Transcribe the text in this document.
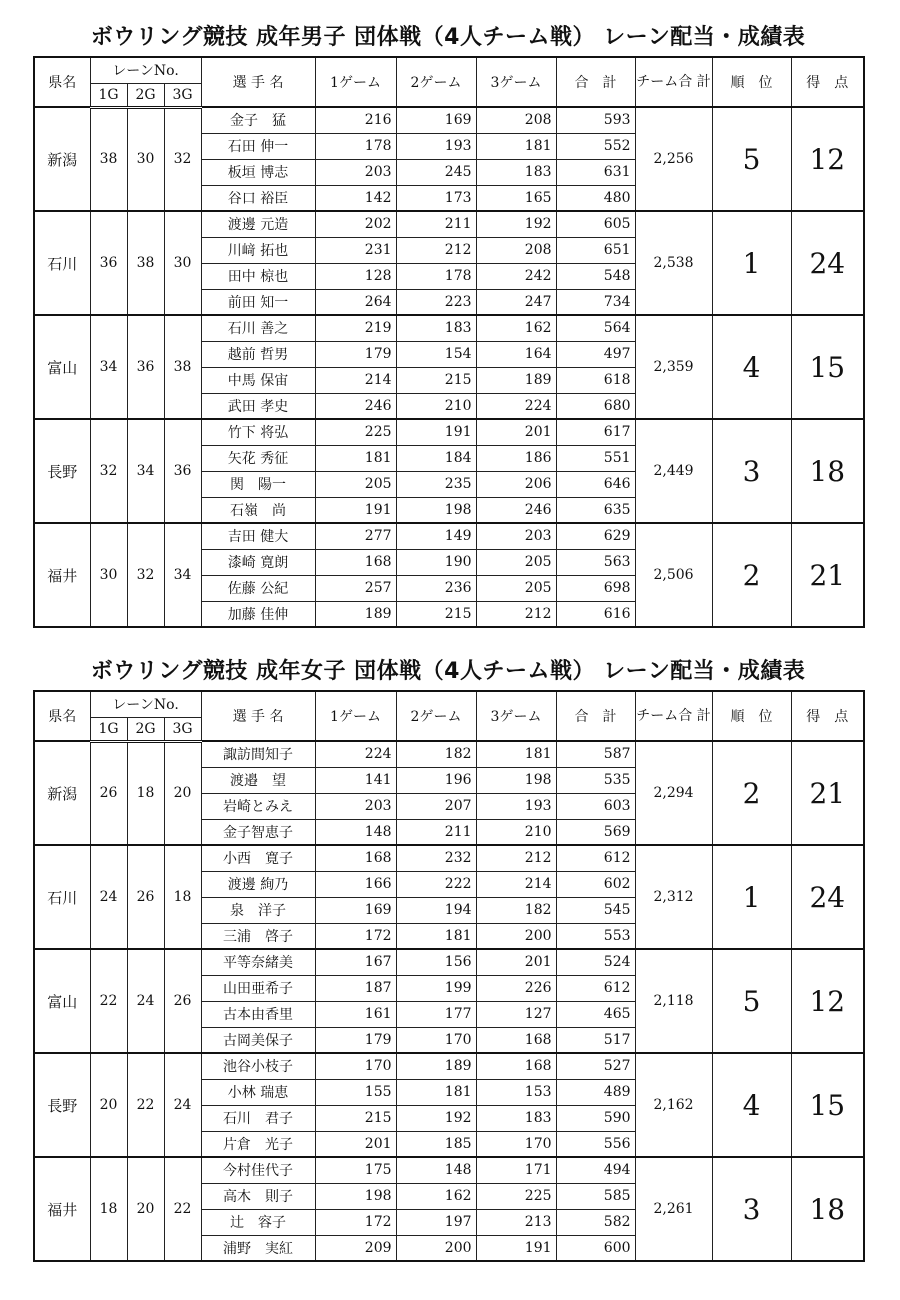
ボウリング競技 成年男子 団体戦（4人チーム戦） レーン配当・成績表
県名	レーンNo.			選 手 名	1ゲーム	2ゲーム	3ゲーム	合　計	チーム合 計	順　位	得　点
	1G	2G	3G								
新潟	38	30	32	金子　猛	216	169	208	593	2,256	5	12
				石田 伸一	178	193	181	552			
				板垣 博志	203	245	183	631			
				谷口 裕臣	142	173	165	480			
石川	36	38	30	渡邊 元造	202	211	192	605	2,538	1	24
				川﨑 拓也	231	212	208	651			
				田中 椋也	128	178	242	548			
				前田 知一	264	223	247	734			
富山	34	36	38	石川 善之	219	183	162	564	2,359	4	15
				越前 哲男	179	154	164	497			
				中馬 保宙	214	215	189	618			
				武田 孝史	246	210	224	680			
長野	32	34	36	竹下 将弘	225	191	201	617	2,449	3	18
				矢花 秀征	181	184	186	551			
				関　陽一	205	235	206	646			
				石嶺　尚	191	198	246	635			
福井	30	32	34	吉田 健大	277	149	203	629	2,506	2	21
				漆崎 寛朗	168	190	205	563			
				佐藤 公紀	257	236	205	698			
				加藤 佳伸	189	215	212	616			
ボウリング競技 成年女子 団体戦（4人チーム戦） レーン配当・成績表
県名	レーンNo.			選 手 名	1ゲーム	2ゲーム	3ゲーム	合　計	チーム合 計	順　位	得　点
	1G	2G	3G								
新潟	26	18	20	諏訪間知子	224	182	181	587	2,294	2	21
				渡邉　望	141	196	198	535			
				岩崎とみえ	203	207	193	603			
				金子智恵子	148	211	210	569			
石川	24	26	18	小西　寛子	168	232	212	612	2,312	1	24
				渡邊 絢乃	166	222	214	602			
				泉　洋子	169	194	182	545			
				三浦　啓子	172	181	200	553			
富山	22	24	26	平等奈緒美	167	156	201	524	2,118	5	12
				山田亜希子	187	199	226	612			
				古本由香里	161	177	127	465			
				古岡美保子	179	170	168	517			
長野	20	22	24	池谷小枝子	170	189	168	527	2,162	4	15
				小林 瑞恵	155	181	153	489			
				石川　君子	215	192	183	590			
				片倉　光子	201	185	170	556			
福井	18	20	22	今村佳代子	175	148	171	494	2,261	3	18
				高木　則子	198	162	225	585			
				辻　容子	172	197	213	582			
				浦野　実紅	209	200	191	600			
